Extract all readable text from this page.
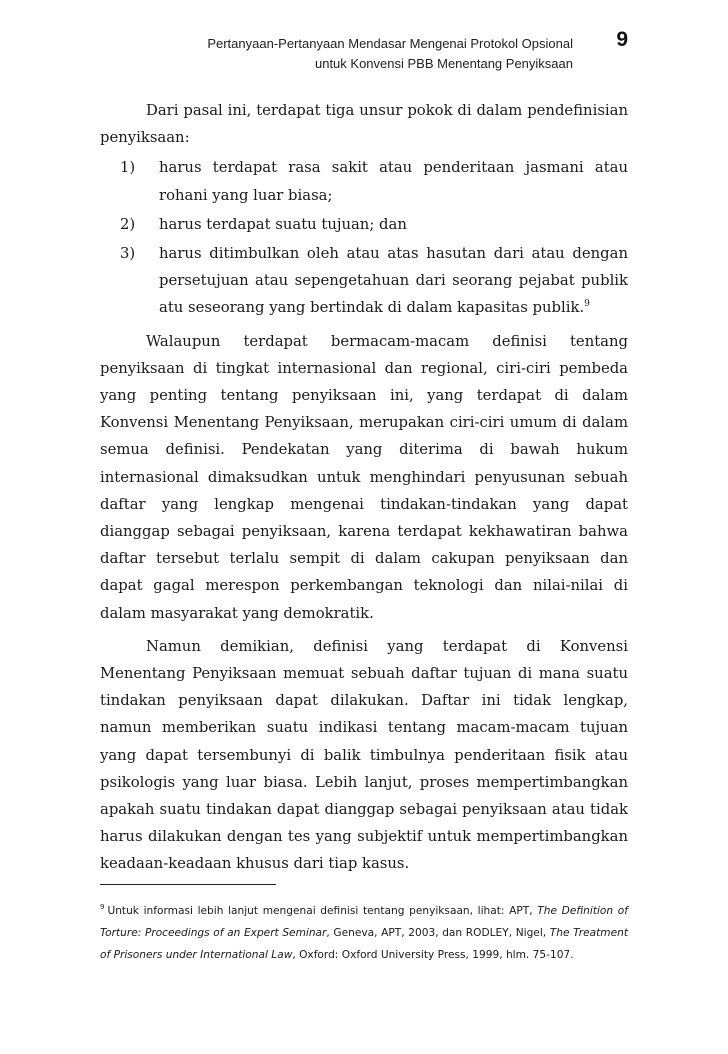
Pertanyaan-Pertanyaan Mendasar Mengenai Protokol Opsional
untuk Konvensi PBB Menentang Penyiksaan
9

Dari pasal ini, terdapat tiga unsur pokok di dalam pendefinisian penyiksaan:

1) harus terdapat rasa sakit atau penderitaan jasmani atau rohani yang luar biasa;
2) harus terdapat suatu tujuan; dan
3) harus ditimbulkan oleh atau atas hasutan dari atau dengan persetujuan atau sepengetahuan dari seorang pejabat publik atu seseorang yang bertindak di dalam kapasitas publik.$^9$

Walaupun terdapat bermacam-macam definisi tentang penyiksaan di tingkat internasional dan regional, ciri-ciri pembeda yang penting tentang penyiksaan ini, yang terdapat di dalam Konvensi Menentang Penyiksaan, merupakan ciri-ciri umum di dalam semua definisi. Pendekatan yang diterima di bawah hukum internasional dimaksudkan untuk menghindari penyusunan sebuah daftar yang lengkap mengenai tindakan-tindakan yang dapat dianggap sebagai penyiksaan, karena terdapat kekhawatiran bahwa daftar tersebut terlalu sempit di dalam cakupan penyiksaan dan dapat gagal merespon perkembangan teknologi dan nilai-nilai di dalam masyarakat yang demokratik.

Namun demikian, definisi yang terdapat di Konvensi Menentang Penyiksaan memuat sebuah daftar tujuan di mana suatu tindakan penyiksaan dapat dilakukan. Daftar ini tidak lengkap, namun memberikan suatu indikasi tentang macam-macam tujuan yang dapat tersembunyi di balik timbulnya penderitaan fisik atau psikologis yang luar biasa. Lebih lanjut, proses mempertimbangkan apakah suatu tindakan dapat dianggap sebagai penyiksaan atau tidak harus dilakukan dengan tes yang subjektif untuk mempertimbangkan keadaan-keadaan khusus dari tiap kasus.

$^9$ Untuk informasi lebih lanjut mengenai definisi tentang penyiksaan, lihat: APT, The Definition of Torture: Proceedings of an Expert Seminar, Geneva, APT, 2003, dan RODLEY, Nigel, The Treatment of Prisoners under International Law, Oxford: Oxford University Press, 1999, hlm. 75-107.
